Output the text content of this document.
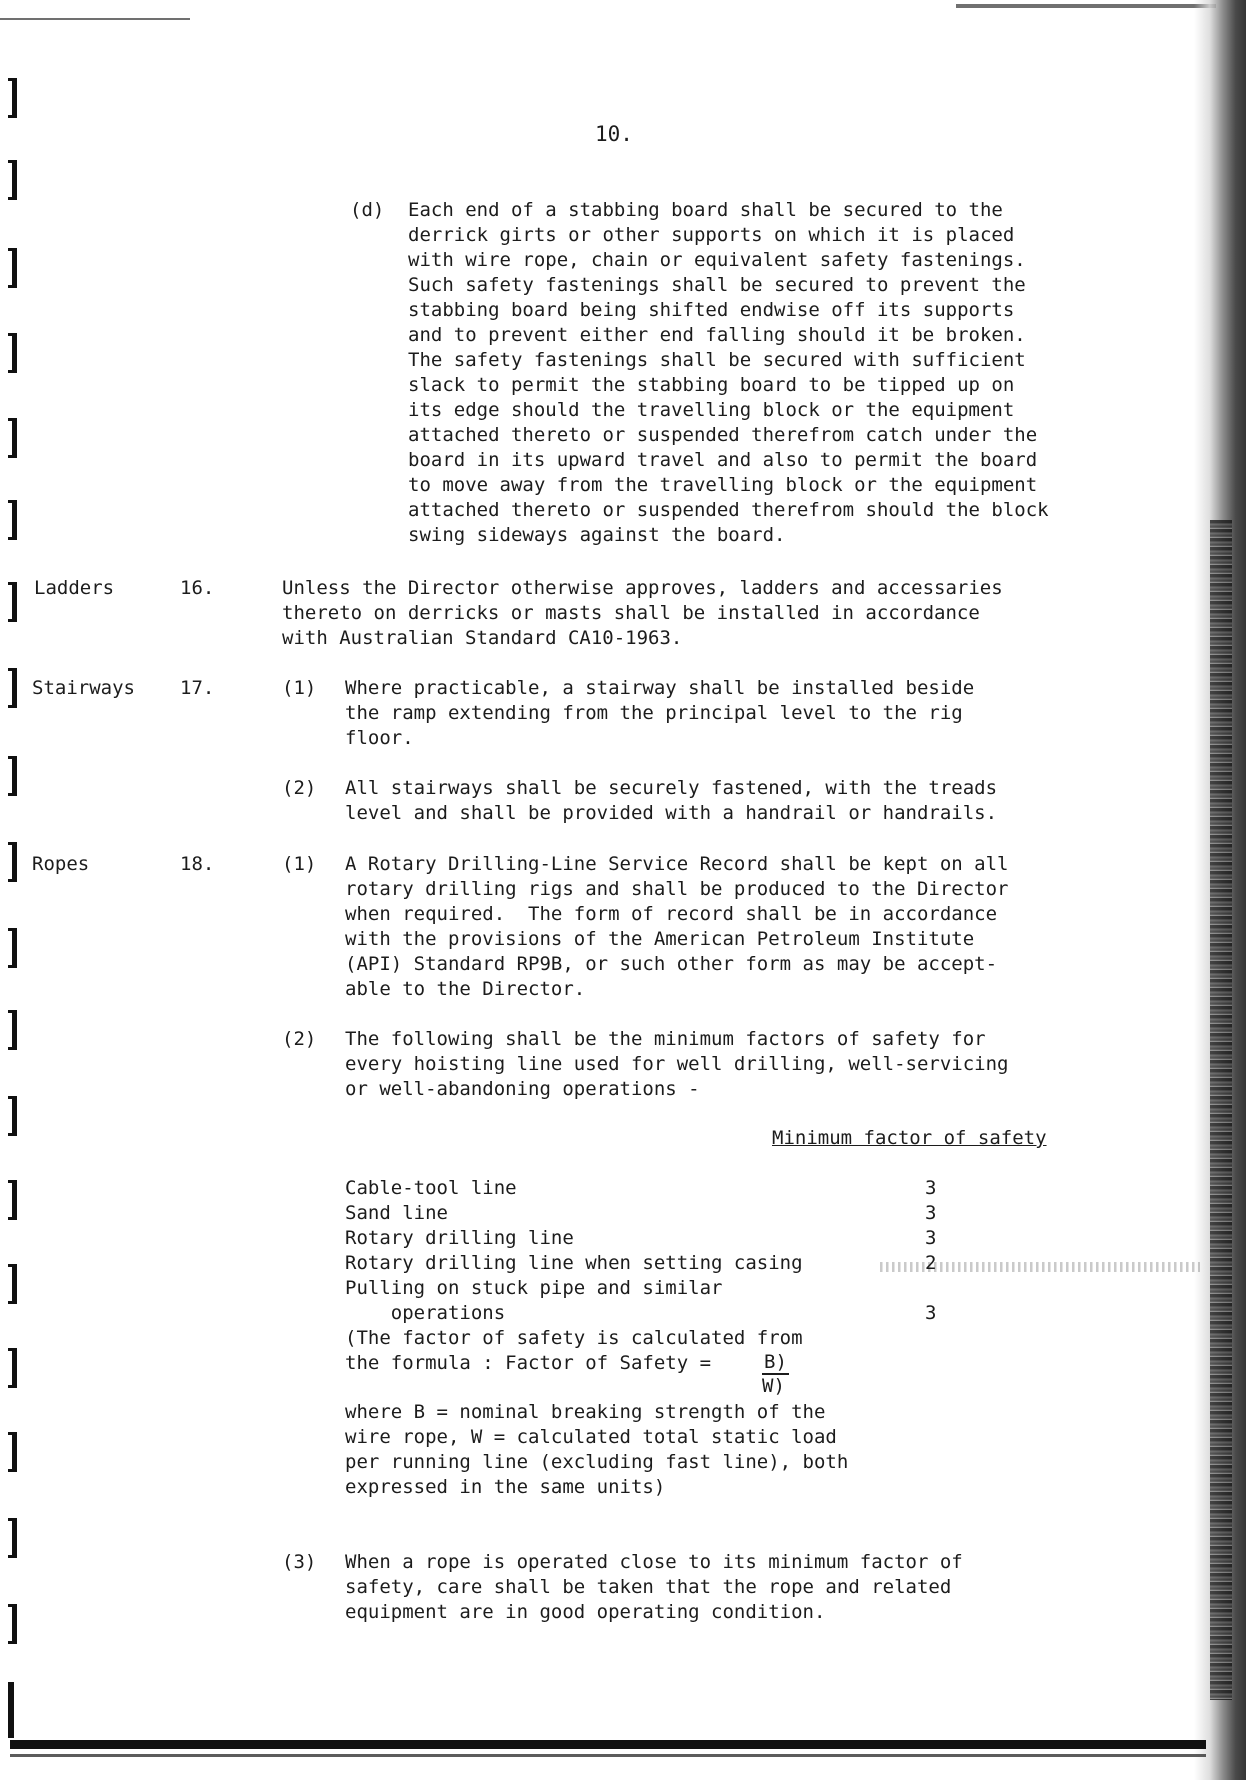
10.
(d) Each end of a stabbing board shall be secured to the
derrick girts or other supports on which it is placed
with wire rope, chain or equivalent safety fastenings.
Such safety fastenings shall be secured to prevent the
stabbing board being shifted endwise off its supports
and to prevent either end falling should it be broken.
The safety fastenings shall be secured with sufficient
slack to permit the stabbing board to be tipped up on
its edge should the travelling block or the equipment
attached thereto or suspended therefrom catch under the
board in its upward travel and also to permit the board
to move away from the travelling block or the equipment
attached thereto or suspended therefrom should the block
swing sideways against the board.
Ladders	16.	Unless the Director otherwise approves, ladders and accessaries
thereto on derricks or masts shall be installed in accordance
with Australian Standard CA10-1963.
Stairways 17.	(1) Where practicable, a stairway shall be installed beside
the ramp extending from the principal level to the rig
floor.
(2) All stairways shall be securely fastened, with the treads
level and shall be provided with a handrail or handrails.
Ropes	18.	(1) A Rotary Drilling-Line Service Record shall be kept on all
rotary drilling rigs and shall be produced to the Director
when required.  The form of record shall be in accordance
with the provisions of the American Petroleum Institute
(API) Standard RP9B, or such other form as may be accept-
able to the Director.
(2) The following shall be the minimum factors of safety for
every hoisting line used for well drilling, well-servicing
or well-abandoning operations -
Minimum factor of safety
Cable-tool line	3
Sand line	3
Rotary drilling line	3
Rotary drilling line when setting casing	2
Pulling on stuck pipe and similar
operations	3
(The factor of safety is calculated from
the formula : Factor of Safety =	B)
W)
where B = nominal breaking strength of the
wire rope, W = calculated total static load
per running line (excluding fast line), both
expressed in the same units)
(3) When a rope is operated close to its minimum factor of
safety, care shall be taken that the rope and related
equipment are in good operating condition.
